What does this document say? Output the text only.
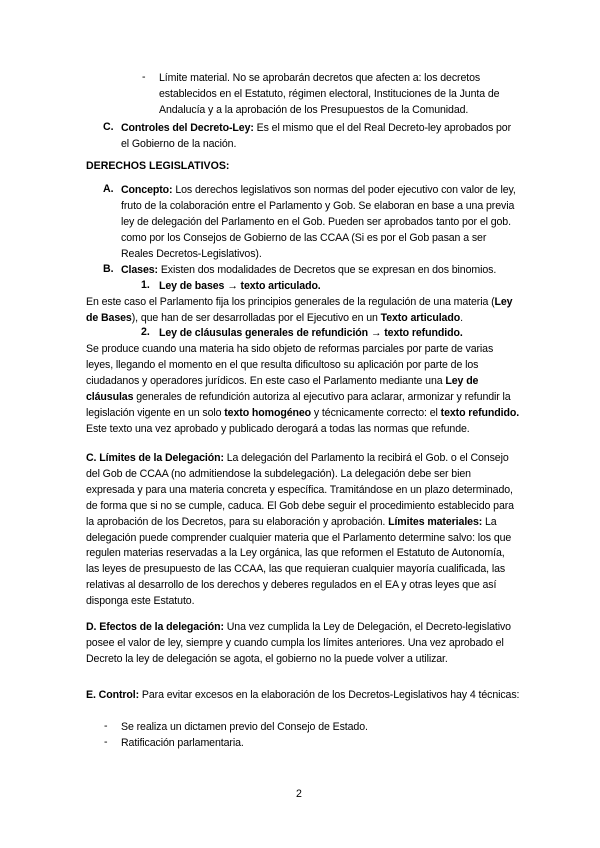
- Límite material. No se aprobarán decretos que afecten a: los decretos establecidos en el Estatuto, régimen electoral, Instituciones de la Junta de Andalucía y a la aprobación de los Presupuestos de la Comunidad.

C. Controles del Decreto-Ley: Es el mismo que el del Real Decreto-ley aprobados por el Gobierno de la nación.

DERECHOS LEGISLATIVOS:
A. Concepto: Los derechos legislativos son normas del poder ejecutivo con valor de ley, fruto de la colaboración entre el Parlamento y Gob. Se elaboran en base a una previa ley de delegación del Parlamento en el Gob. Pueden ser aprobados tanto por el gob. como por los Consejos de Gobierno de las CCAA (Si es por el Gob pasan a ser Reales Decretos-Legislativos).

B. Clases: Existen dos modalidades de Decretos que se expresan en dos binomios.

1. Ley de bases → texto articulado.

En este caso el Parlamento fija los principios generales de la regulación de una materia (Ley de Bases), que han de ser desarrolladas por el Ejecutivo en un Texto articulado.

2. Ley de cláusulas generales de refundición → texto refundido.

Se produce cuando una materia ha sido objeto de reformas parciales por parte de varias leyes, llegando el momento en el que resulta dificultoso su aplicación por parte de los ciudadanos y operadores jurídicos. En este caso el Parlamento mediante una Ley de cláusulas generales de refundición autoriza al ejecutivo para aclarar, armonizar y refundir la legislación vigente en un solo texto homogéneo y técnicamente correcto: el texto refundido. Este texto una vez aprobado y publicado derogará a todas las normas que refunde.

C. Límites de la Delegación: La delegación del Parlamento la recibirá el Gob. o el Consejo del Gob de CCAA (no admitiendose la subdelegación). La delegación debe ser bien expresada y para una materia concreta y específica. Tramitándose en un plazo determinado, de forma que si no se cumple, caduca. El Gob debe seguir el procedimiento establecido para la aprobación de los Decretos, para su elaboración y aprobación. Límites materiales: La delegación puede comprender cualquier materia que el Parlamento determine salvo: los que regulen materias reservadas a la Ley orgánica, las que reformen el Estatuto de Autonomía, las leyes de presupuesto de las CCAA, las que requieran cualquier mayoría cualificada, las relativas al desarrollo de los derechos y deberes regulados en el EA y otras leyes que así disponga este Estatuto.

D. Efectos de la delegación: Una vez cumplida la Ley de Delegación, el Decreto-legislativo posee el valor de ley, siempre y cuando cumpla los límites anteriores. Una vez aprobado el Decreto la ley de delegación se agota, el gobierno no la puede volver a utilizar.

E. Control: Para evitar excesos en la elaboración de los Decretos-Legislativos hay 4 técnicas:

- Se realiza un dictamen previo del Consejo de Estado.

- Ratificación parlamentaria.

2
